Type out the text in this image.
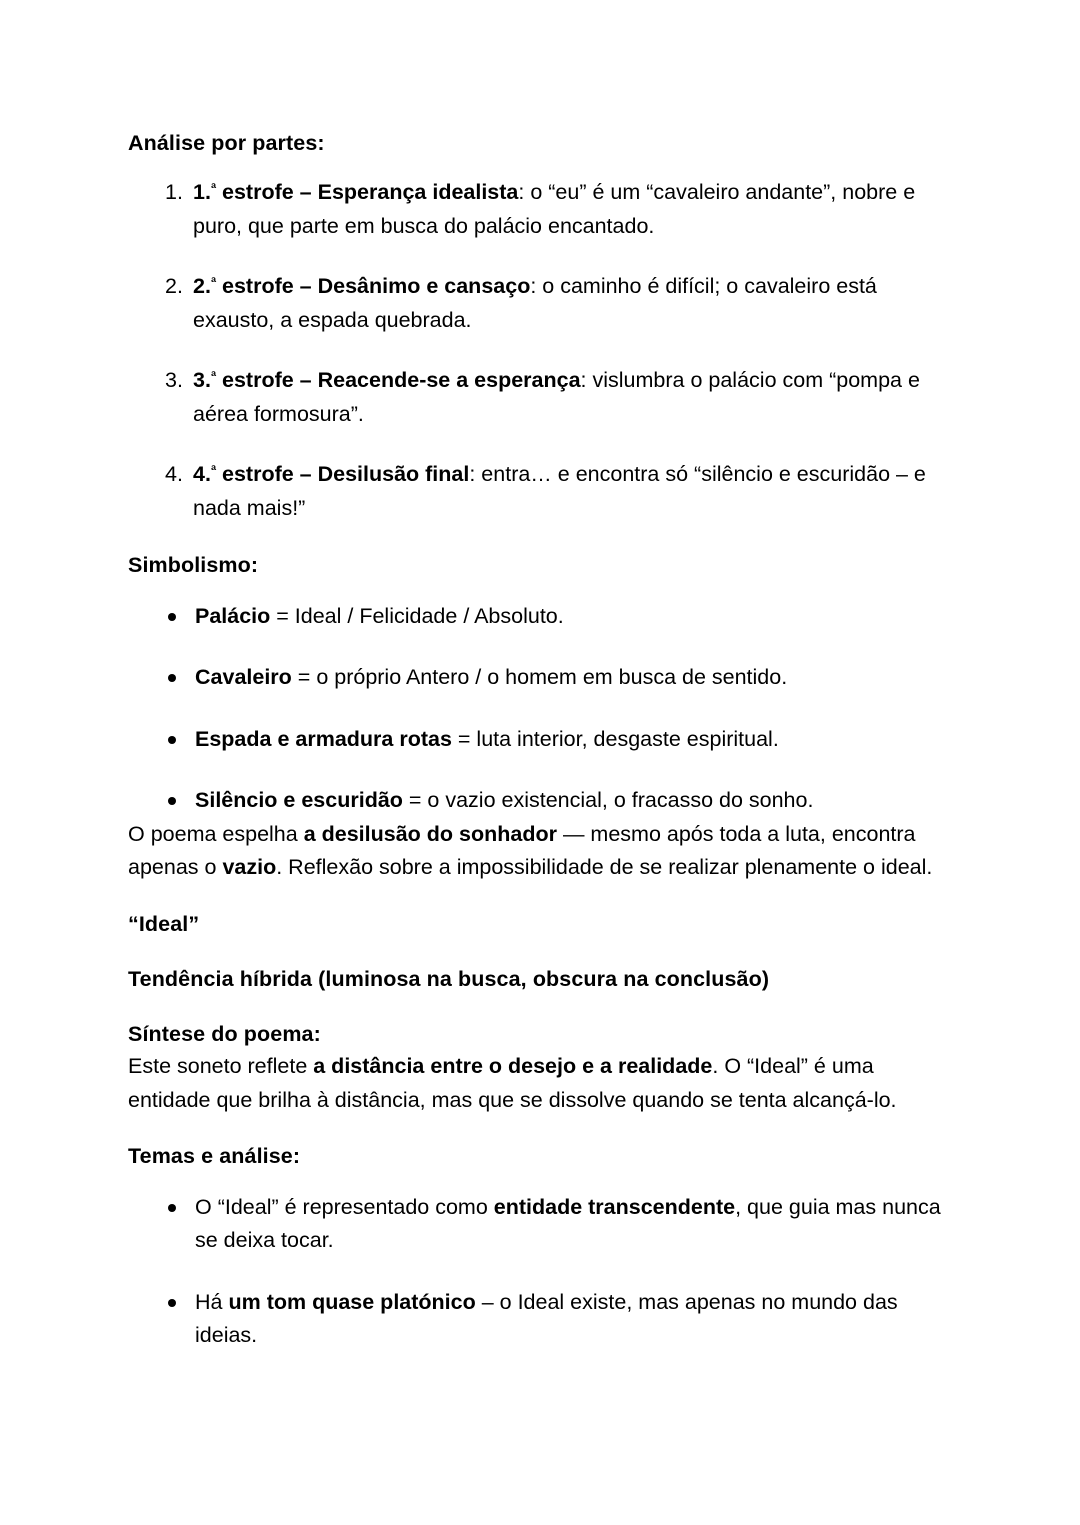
Análise por partes:

1.$^ª$ estrofe – Esperança idealista: o “eu” é um “cavaleiro andante”, nobre e puro, que parte em busca do palácio encantado.
2.$^ª$ estrofe – Desânimo e cansaço: o caminho é difícil; o cavaleiro está exausto, a espada quebrada.
3.$^ª$ estrofe – Reacende-se a esperança: vislumbra o palácio com “pompa e aérea formosura”.
4.$^ª$ estrofe – Desilusão final: entra… e encontra só “silêncio e escuridão – e nada mais!”

Simbolismo:

Palácio = Ideal / Felicidade / Absoluto.
Cavaleiro = o próprio Antero / o homem em busca de sentido.
Espada e armadura rotas = luta interior, desgaste espiritual.
Silêncio e escuridão = o vazio existencial, o fracasso do sonho.

O poema espelha a desilusão do sonhador — mesmo após toda a luta, encontra apenas o vazio. Reflexão sobre a impossibilidade de se realizar plenamente o ideal.

“Ideal”

Tendência híbrida (luminosa na busca, obscura na conclusão)

Síntese do poema:

Este soneto reflete a distância entre o desejo e a realidade. O “Ideal” é uma entidade que brilha à distância, mas que se dissolve quando se tenta alcançá-lo.

Temas e análise:

O “Ideal” é representado como entidade transcendente, que guia mas nunca se deixa tocar.
Há um tom quase platónico – o Ideal existe, mas apenas no mundo das ideias.
